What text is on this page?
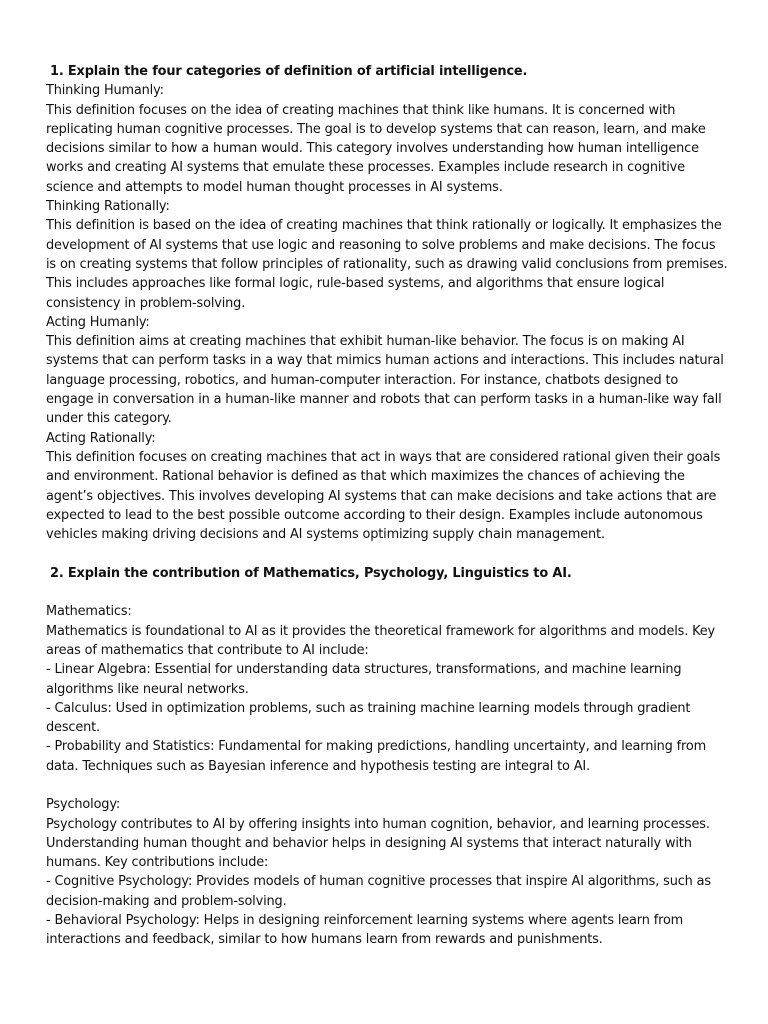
1. Explain the four categories of definition of artificial intelligence.

Thinking Humanly:

This definition focuses on the idea of creating machines that think like humans. It is concerned with replicating human cognitive processes. The goal is to develop systems that can reason, learn, and make decisions similar to how a human would. This category involves understanding how human intelligence works and creating AI systems that emulate these processes. Examples include research in cognitive science and attempts to model human thought processes in AI systems.

Thinking Rationally:

This definition is based on the idea of creating machines that think rationally or logically. It emphasizes the development of AI systems that use logic and reasoning to solve problems and make decisions. The focus is on creating systems that follow principles of rationality, such as drawing valid conclusions from premises. This includes approaches like formal logic, rule-based systems, and algorithms that ensure logical consistency in problem-solving.

Acting Humanly:

This definition aims at creating machines that exhibit human-like behavior. The focus is on making AI systems that can perform tasks in a way that mimics human actions and interactions. This includes natural language processing, robotics, and human-computer interaction. For instance, chatbots designed to engage in conversation in a human-like manner and robots that can perform tasks in a human-like way fall under this category.

Acting Rationally:

This definition focuses on creating machines that act in ways that are considered rational given their goals and environment. Rational behavior is defined as that which maximizes the chances of achieving the agent’s objectives. This involves developing AI systems that can make decisions and take actions that are expected to lead to the best possible outcome according to their design. Examples include autonomous vehicles making driving decisions and AI systems optimizing supply chain management.

2. Explain the contribution of Mathematics, Psychology, Linguistics to AI.

Mathematics:

Mathematics is foundational to AI as it provides the theoretical framework for algorithms and models. Key areas of mathematics that contribute to AI include:

- Linear Algebra: Essential for understanding data structures, transformations, and machine learning algorithms like neural networks.

- Calculus: Used in optimization problems, such as training machine learning models through gradient descent.

- Probability and Statistics: Fundamental for making predictions, handling uncertainty, and learning from data. Techniques such as Bayesian inference and hypothesis testing are integral to AI.

Psychology:

Psychology contributes to AI by offering insights into human cognition, behavior, and learning processes. Understanding human thought and behavior helps in designing AI systems that interact naturally with humans. Key contributions include:

- Cognitive Psychology: Provides models of human cognitive processes that inspire AI algorithms, such as decision-making and problem-solving.

- Behavioral Psychology: Helps in designing reinforcement learning systems where agents learn from interactions and feedback, similar to how humans learn from rewards and punishments.
